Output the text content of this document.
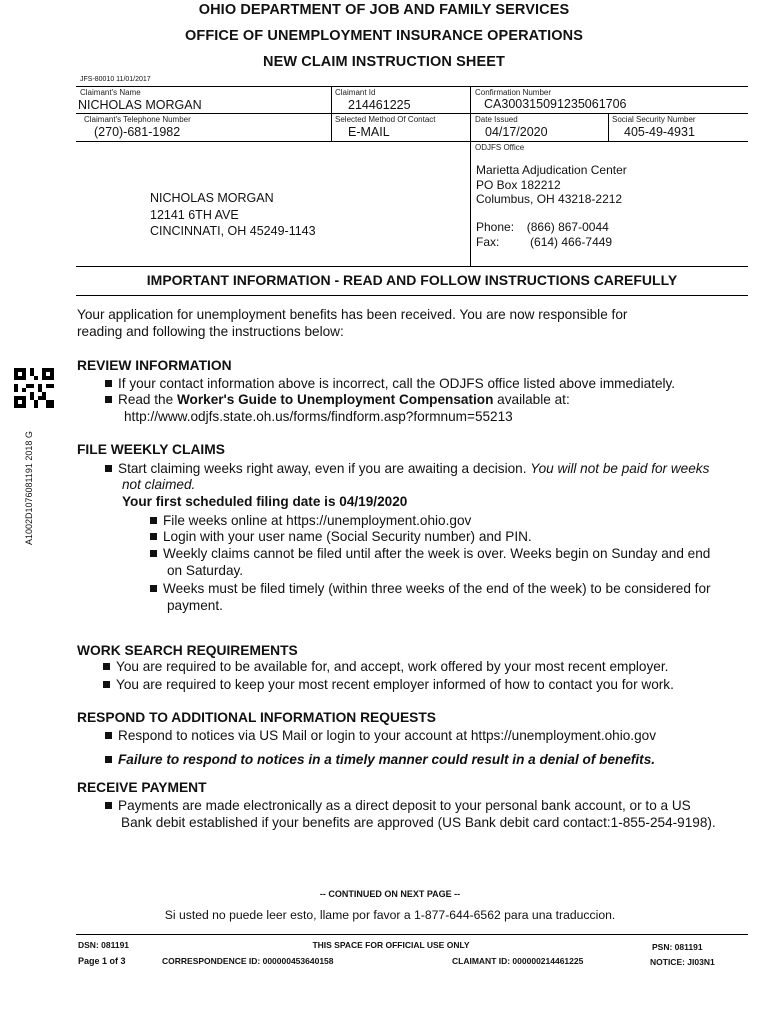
OHIO DEPARTMENT OF JOB AND FAMILY SERVICES
OFFICE OF UNEMPLOYMENT INSURANCE OPERATIONS
NEW CLAIM INSTRUCTION SHEET
JFS-80010 11/01/2017
Claimant's Name
NICHOLAS MORGAN
Claimant Id
214461225
Confirmation Number
CA300315091235061706
Claimant's Telephone Number
(270)-681-1982
Selected Method Of Contact
E-MAIL
Date Issued
04/17/2020
Social Security Number
405-49-4931
ODJFS Office
NICHOLAS MORGAN
12141 6TH AVE
CINCINNATI, OH 45249-1143
Marietta Adjudication Center
PO Box 182212
Columbus, OH 43218-2212
Phone: (866) 867-0044
Fax:	(614) 466-7449
IMPORTANT INFORMATION - READ AND FOLLOW INSTRUCTIONS CAREFULLY
Your application for unemployment benefits has been received. You are now responsible for
reading and following the instructions below:
A1002D1076081191 2018 G
REVIEW INFORMATION
If your contact information above is incorrect, call the ODJFS office listed above immediately.
Read the Worker's Guide to Unemployment Compensation available at:
http://www.odjfs.state.oh.us/forms/findform.asp?formnum=55213
FILE WEEKLY CLAIMS
Start claiming weeks right away, even if you are awaiting a decision. You will not be paid for weeks
not claimed.
Your first scheduled filing date is 04/19/2020
File weeks online at https://unemployment.ohio.gov
Login with your user name (Social Security number) and PIN.
Weekly claims cannot be filed until after the week is over. Weeks begin on Sunday and end
on Saturday.
Weeks must be filed timely (within three weeks of the end of the week) to be considered for
payment.
WORK SEARCH REQUIREMENTS
You are required to be available for, and accept, work offered by your most recent employer.
You are required to keep your most recent employer informed of how to contact you for work.
RESPOND TO ADDITIONAL INFORMATION REQUESTS
Respond to notices via US Mail or login to your account at https://unemployment.ohio.gov
Failure to respond to notices in a timely manner could result in a denial of benefits.
RECEIVE PAYMENT
Payments are made electronically as a direct deposit to your personal bank account, or to a US
Bank debit established if your benefits are approved (US Bank debit card contact:1-855-254-9198).
-- CONTINUED ON NEXT PAGE --
Si usted no puede leer esto, llame por favor a 1-877-644-6562 para una traduccion.
DSN: 081191	THIS SPACE FOR OFFICIAL USE ONLY	PSN: 081191
Page 1 of 3	CORRESPONDENCE ID: 000000453640158	CLAIMANT ID: 000000214461225	NOTICE: JI03N1
